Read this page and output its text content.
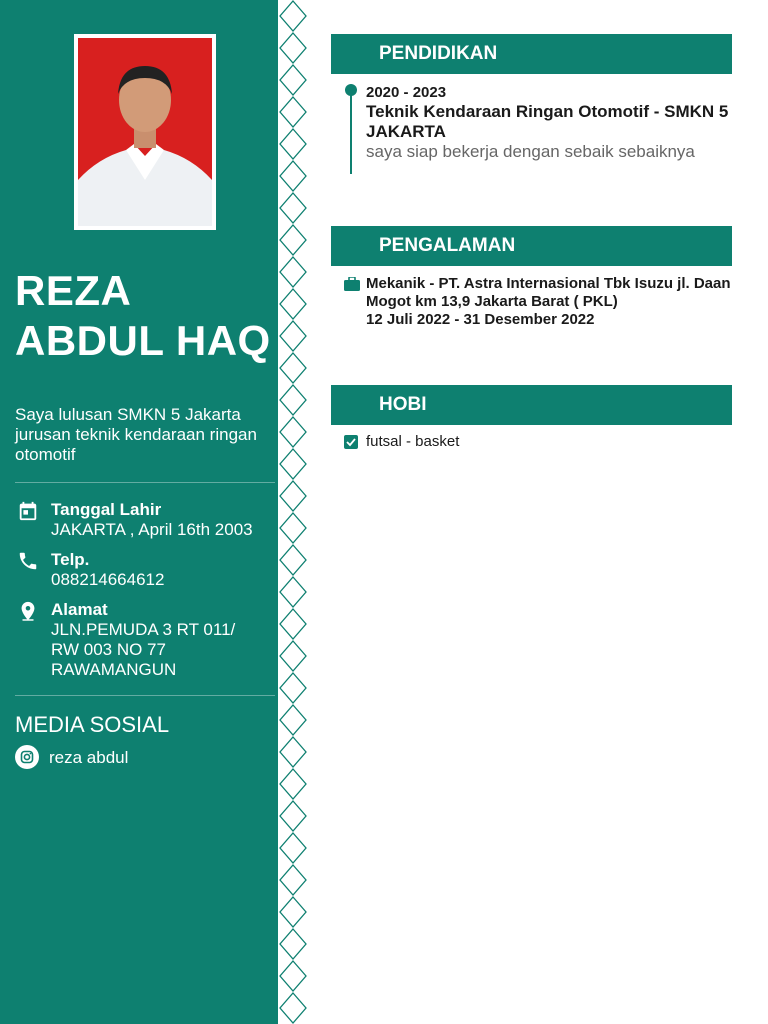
REZA
ABDUL HAQ

Saya lulusan SMKN 5 Jakarta jurusan teknik kendaraan ringan otomotif

Tanggal Lahir
JAKARTA , April 16th 2003
Telp.
088214664612
Alamat
JLN.PEMUDA 3 RT 011/
RW 003 NO 77
RAWAMANGUN
MEDIA SOSIAL
reza abdul
PENDIDIKAN
2020 - 2023
Teknik Kendaraan Ringan Otomotif - SMKN 5 JAKARTA
saya siap bekerja dengan sebaik sebaiknya
PENGALAMAN
Mekanik - PT. Astra Internasional Tbk Isuzu jl. Daan Mogot km 13,9 Jakarta Barat ( PKL)
12 Juli 2022 - 31 Desember 2022
HOBI
futsal - basket
